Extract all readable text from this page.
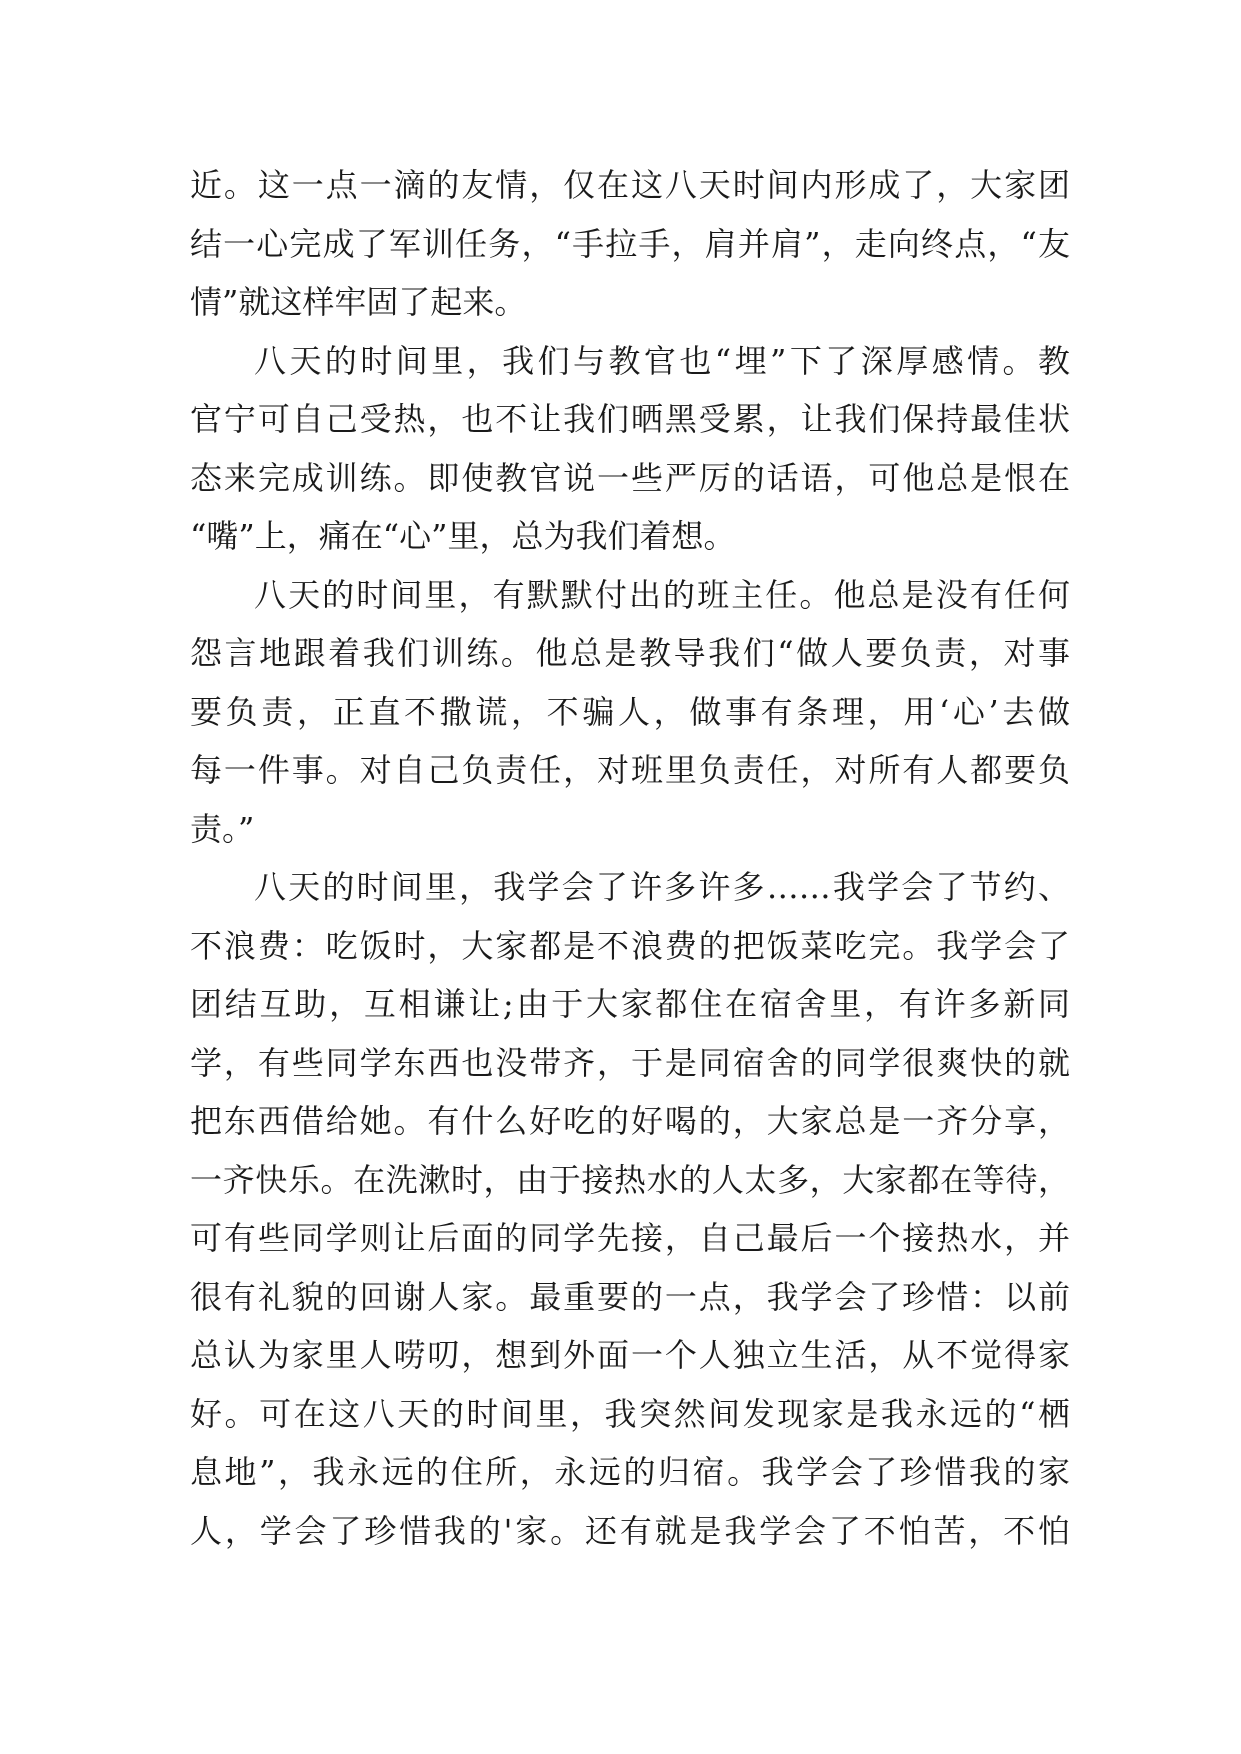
近。这一点一滴的友情，仅在这八天时间内形成了，大家团
结一心完成了军训任务，“手拉手，肩并肩”，走向终点，“友
情”就这样牢固了起来。
八天的时间里，我们与教官也“埋”下了深厚感情。教
官宁可自己受热，也不让我们晒黑受累，让我们保持最佳状
态来完成训练。即使教官说一些严厉的话语，可他总是恨在
“嘴”上，痛在“心”里，总为我们着想。
八天的时间里，有默默付出的班主任。他总是没有任何
怨言地跟着我们训练。他总是教导我们“做人要负责，对事
要负责，正直不撒谎，不骗人，做事有条理，用‘心’去做
每一件事。对自己负责任，对班里负责任，对所有人都要负
责。”
八天的时间里，我学会了许多许多……我学会了节约、
不浪费：吃饭时，大家都是不浪费的把饭菜吃完。我学会了
团结互助，互相谦让;由于大家都住在宿舍里，有许多新同
学，有些同学东西也没带齐，于是同宿舍的同学很爽快的就
把东西借给她。有什么好吃的好喝的，大家总是一齐分享，
一齐快乐。在洗漱时，由于接热水的人太多，大家都在等待，
可有些同学则让后面的同学先接，自己最后一个接热水，并
很有礼貌的回谢人家。最重要的一点，我学会了珍惜：以前
总认为家里人唠叨，想到外面一个人独立生活，从不觉得家
好。可在这八天的时间里，我突然间发现家是我永远的“栖
息地”，我永远的住所，永远的归宿。我学会了珍惜我的家
人，学会了珍惜我的'家。还有就是我学会了不怕苦，不怕
